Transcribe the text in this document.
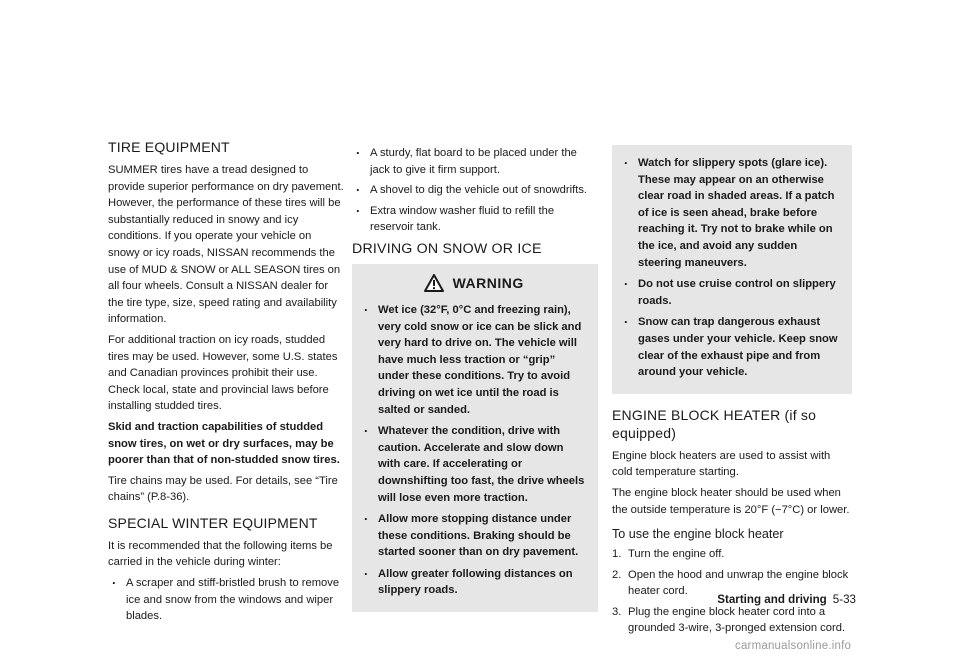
TIRE EQUIPMENT

SUMMER tires have a tread designed to provide superior performance on dry pavement. However, the performance of these tires will be substantially reduced in snowy and icy conditions. If you operate your vehicle on snowy or icy roads, NISSAN recommends the use of MUD & SNOW or ALL SEASON tires on all four wheels. Consult a NISSAN dealer for the tire type, size, speed rating and availability information.

For additional traction on icy roads, studded tires may be used. However, some U.S. states and Canadian provinces prohibit their use. Check local, state and provincial laws before installing studded tires.

Skid and traction capabilities of studded snow tires, on wet or dry surfaces, may be poorer than that of non-studded snow tires.

Tire chains may be used. For details, see “Tire chains” (P.8-36).

SPECIAL WINTER EQUIPMENT

It is recommended that the following items be carried in the vehicle during winter:

. A scraper and stiff-bristled brush to remove ice and snow from the windows and wiper blades.
. A sturdy, flat board to be placed under the jack to give it firm support.
. A shovel to dig the vehicle out of snowdrifts.
. Extra window washer fluid to refill the reservoir tank.
DRIVING ON SNOW OR ICE
WARNING
. Wet ice (32°F, 0°C and freezing rain), very cold snow or ice can be slick and very hard to drive on. The vehicle will have much less traction or “grip” under these conditions. Try to avoid driving on wet ice until the road is salted or sanded.
. Whatever the condition, drive with caution. Accelerate and slow down with care. If accelerating or downshifting too fast, the drive wheels will lose even more traction.
. Allow more stopping distance under these conditions. Braking should be started sooner than on dry pavement.
. Allow greater following distances on slippery roads.
. Watch for slippery spots (glare ice). These may appear on an otherwise clear road in shaded areas. If a patch of ice is seen ahead, brake before reaching it. Try not to brake while on the ice, and avoid any sudden steering maneuvers.
. Do not use cruise control on slippery roads.
. Snow can trap dangerous exhaust gases under your vehicle. Keep snow clear of the exhaust pipe and from around your vehicle.
ENGINE BLOCK HEATER (if so equipped)

Engine block heaters are used to assist with cold temperature starting.

The engine block heater should be used when the outside temperature is 20°F (−7°C) or lower.

To use the engine block heater
1. Turn the engine off.
2. Open the hood and unwrap the engine block heater cord.
3. Plug the engine block heater cord into a grounded 3-wire, 3-pronged extension cord.
Starting and driving 5-33
carmanualsonline.info
